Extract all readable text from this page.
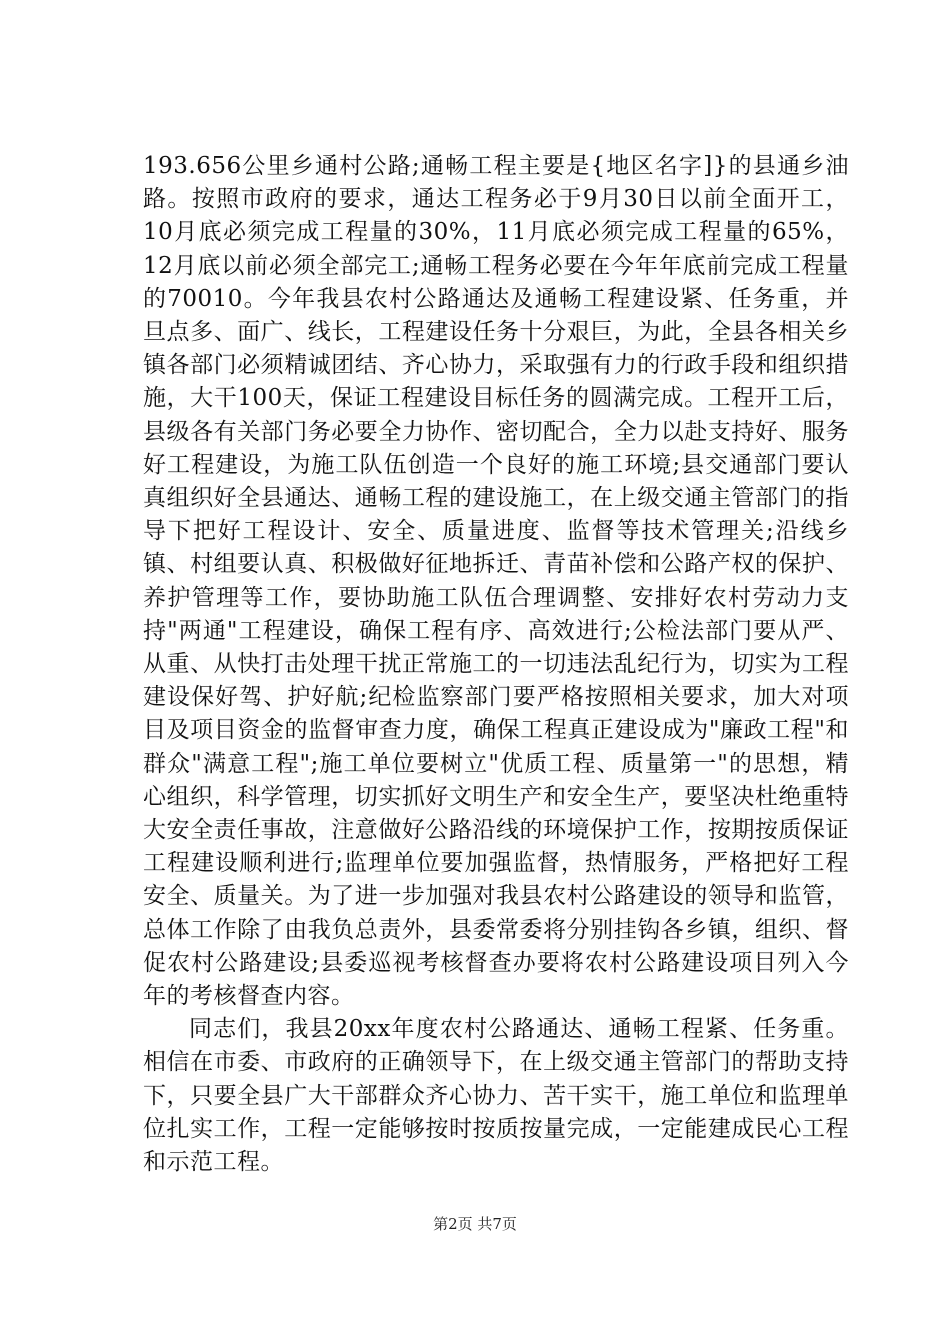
193.656公里乡通村公路;通畅工程主要是{地区名字]}的县通乡油路。按照市政府的要求，通达工程务必于9月30日以前全面开工，10月底必须完成工程量的30%，11月底必须完成工程量的65%，12月底以前必须全部完工;通畅工程务必要在今年年底前完成工程量的70010。今年我县农村公路通达及通畅工程建设紧、任务重，并旦点多、面广、线长，工程建设任务十分艰巨，为此，全县各相关乡镇各部门必须精诚团结、齐心协力，采取强有力的行政手段和组织措施，大干100天，保证工程建设目标任务的圆满完成。工程开工后，县级各有关部门务必要全力协作、密切配合，全力以赴支持好、服务好工程建设，为施工队伍创造一个良好的施工环境;县交通部门要认真组织好全县通达、通畅工程的建设施工，在上级交通主管部门的指导下把好工程设计、安全、质量进度、监督等技术管理关;沿线乡镇、村组要认真、积极做好征地拆迁、青苗补偿和公路产权的保护、养护管理等工作，要协助施工队伍合理调整、安排好农村劳动力支持"两通"工程建设，确保工程有序、高效进行;公检法部门要从严、从重、从快打击处理干扰正常施工的一切违法乱纪行为，切实为工程建设保好驾、护好航;纪检监察部门要严格按照相关要求，加大对项目及项目资金的监督审查力度，确保工程真正建设成为"廉政工程"和群众"满意工程";施工单位要树立"优质工程、质量第一"的思想，精心组织，科学管理，切实抓好文明生产和安全生产，要坚决杜绝重特大安全责任事故，注意做好公路沿线的环境保护工作，按期按质保证工程建设顺利进行;监理单位要加强监督，热情服务，严格把好工程安全、质量关。为了进一步加强对我县农村公路建设的领导和监管，总体工作除了由我负总责外，县委常委将分别挂钩各乡镇，组织、督促农村公路建设;县委巡视考核督查办要将农村公路建设项目列入今年的考核督查内容。

同志们，我县20xx年度农村公路通达、通畅工程紧、任务重。相信在市委、市政府的正确领导下，在上级交通主管部门的帮助支持下，只要全县广大干部群众齐心协力、苦干实干，施工单位和监理单位扎实工作，工程一定能够按时按质按量完成，一定能建成民心工程和示范工程。

第2页 共7页
